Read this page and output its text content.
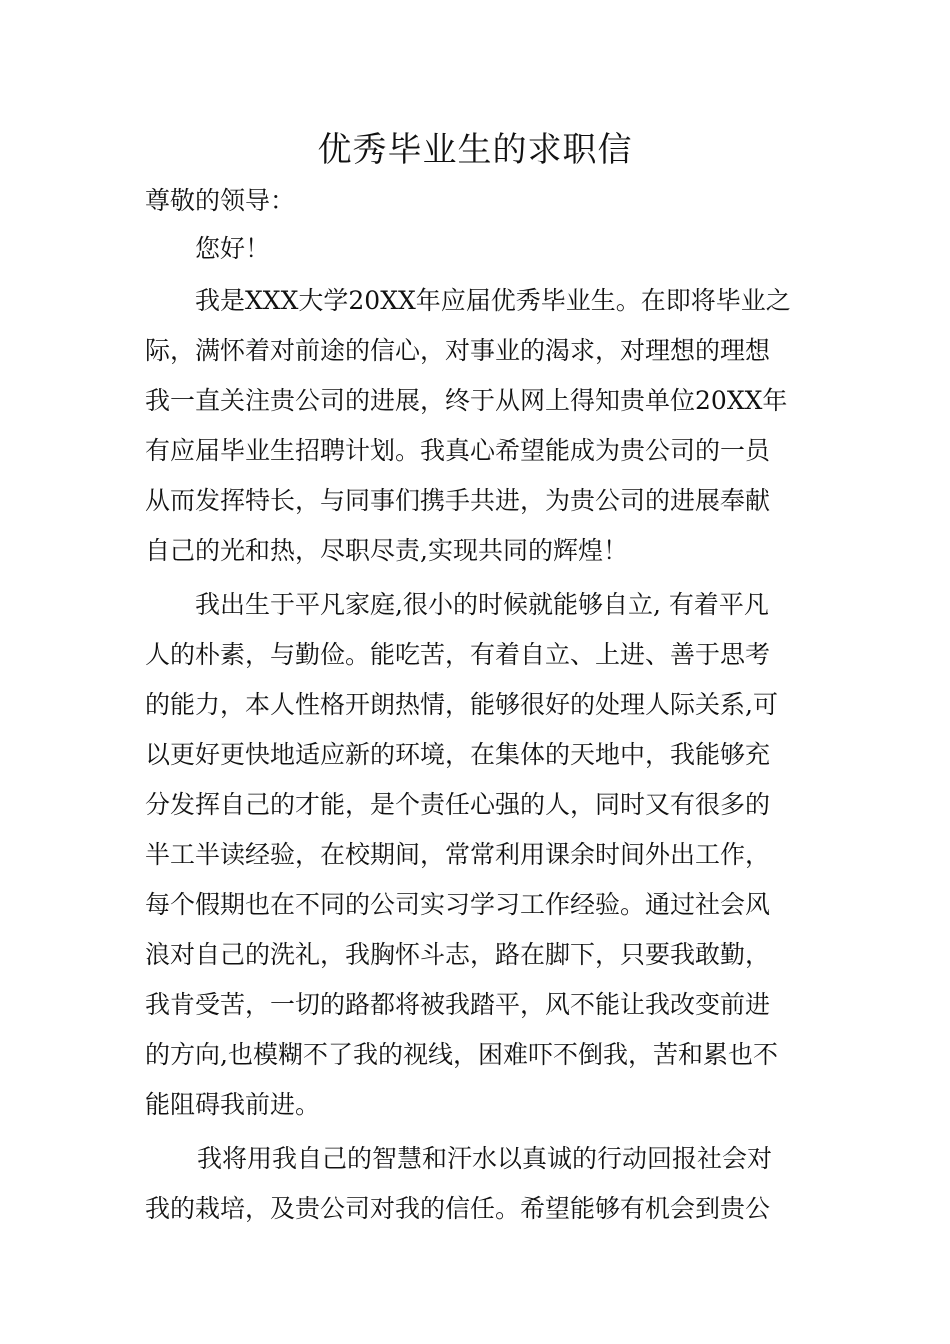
优秀毕业生的求职信
尊敬的领导：
您好！
我是XXX大学20XX年应届优秀毕业生。在即将毕业之
际，满怀着对前途的信心，对事业的渴求，对理想的理想
我一直关注贵公司的进展，终于从网上得知贵单位20XX年
有应届毕业生招聘计划。我真心希望能成为贵公司的一员
从而发挥特长，与同事们携手共进，为贵公司的进展奉献
自己的光和热，尽职尽责,实现共同的辉煌！
我出生于平凡家庭,很小的时候就能够自立, 有着平凡
人的朴素，与勤俭。能吃苦，有着自立、上进、善于思考
的能力，本人性格开朗热情，能够很好的处理人际关系,可
以更好更快地适应新的环境，在集体的天地中，我能够充
分发挥自己的才能，是个责任心强的人，同时又有很多的
半工半读经验，在校期间，常常利用课余时间外出工作，
每个假期也在不同的公司实习学习工作经验。通过社会风
浪对自己的洗礼，我胸怀斗志，路在脚下，只要我敢勤，
我肯受苦，一切的路都将被我踏平，风不能让我改变前进
的方向,也模糊不了我的视线，困难吓不倒我，苦和累也不
能阻碍我前进。
我将用我自己的智慧和汗水以真诚的行动回报社会对
我的栽培，及贵公司对我的信任。希望能够有机会到贵公
